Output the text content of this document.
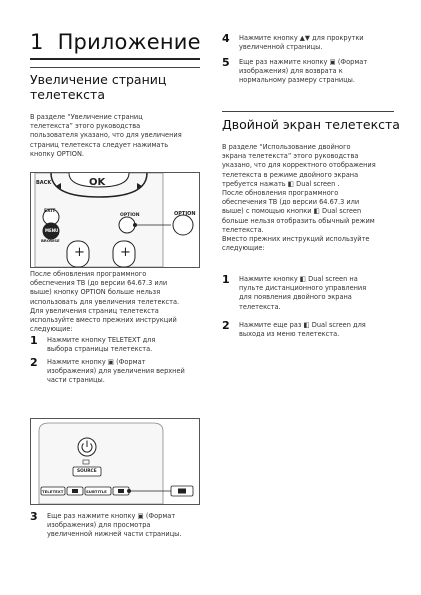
1 Приложение
Увеличение страниц
телетекста
В разделе “Увеличение страниц
телетекста” этого руководства
пользователя указано, что для увеличения
страниц телетекста следует нажимать
кнопку OPTION.
BACK	OK
EXIT
MENU
BROWSE
OPTION	OPTION
+	+
После обновления программного
обеспечения ТВ (до версии 64.67.3 или
выше) кнопку OPTION больше нельзя
использовать для увеличения телетекста.
Для увеличения страниц телетекста
используйте вместо прежних инструкций
следующие:
1 Нажмите кнопку TELETEXT для
выбора страницы телетекста.
2 Нажмите кнопку ▣ (Формат
изображения) для увеличения верхней
части страницы.
SOURCE
TELETEXT	SUBTITLE
3 Еще раз нажмите кнопку ▣ (Формат
изображения) для просмотра
увеличенной нижней части страницы.
4 Нажмите кнопку ▲▼ для прокрутки
увеличенной страницы.
5 Еще раз нажмите кнопку ▣ (Формат
изображения) для возврата к
нормальному размеру страницы.
Двойной экран телетекста
В разделе “Использование двойного
экрана телетекста” этого руководства
указано, что для корректного отображения
телетекста в режиме двойного экрана
требуется нажать ◧ Dual screen .
После обновления программного
обеспечения ТВ (до версии 64.67.3 или
выше) с помощью кнопки ◧ Dual screen
больше нельзя отобразить обычный режим
телетекста.
Вместо прежних инструкций используйте
следующие:
1 Нажмите кнопку ◧ Dual screen на
пульте дистанционного управления
для появления двойного экрана
телетекста.
2 Нажмите еще раз ◧ Dual screen для
выхода из меню телетекста.
